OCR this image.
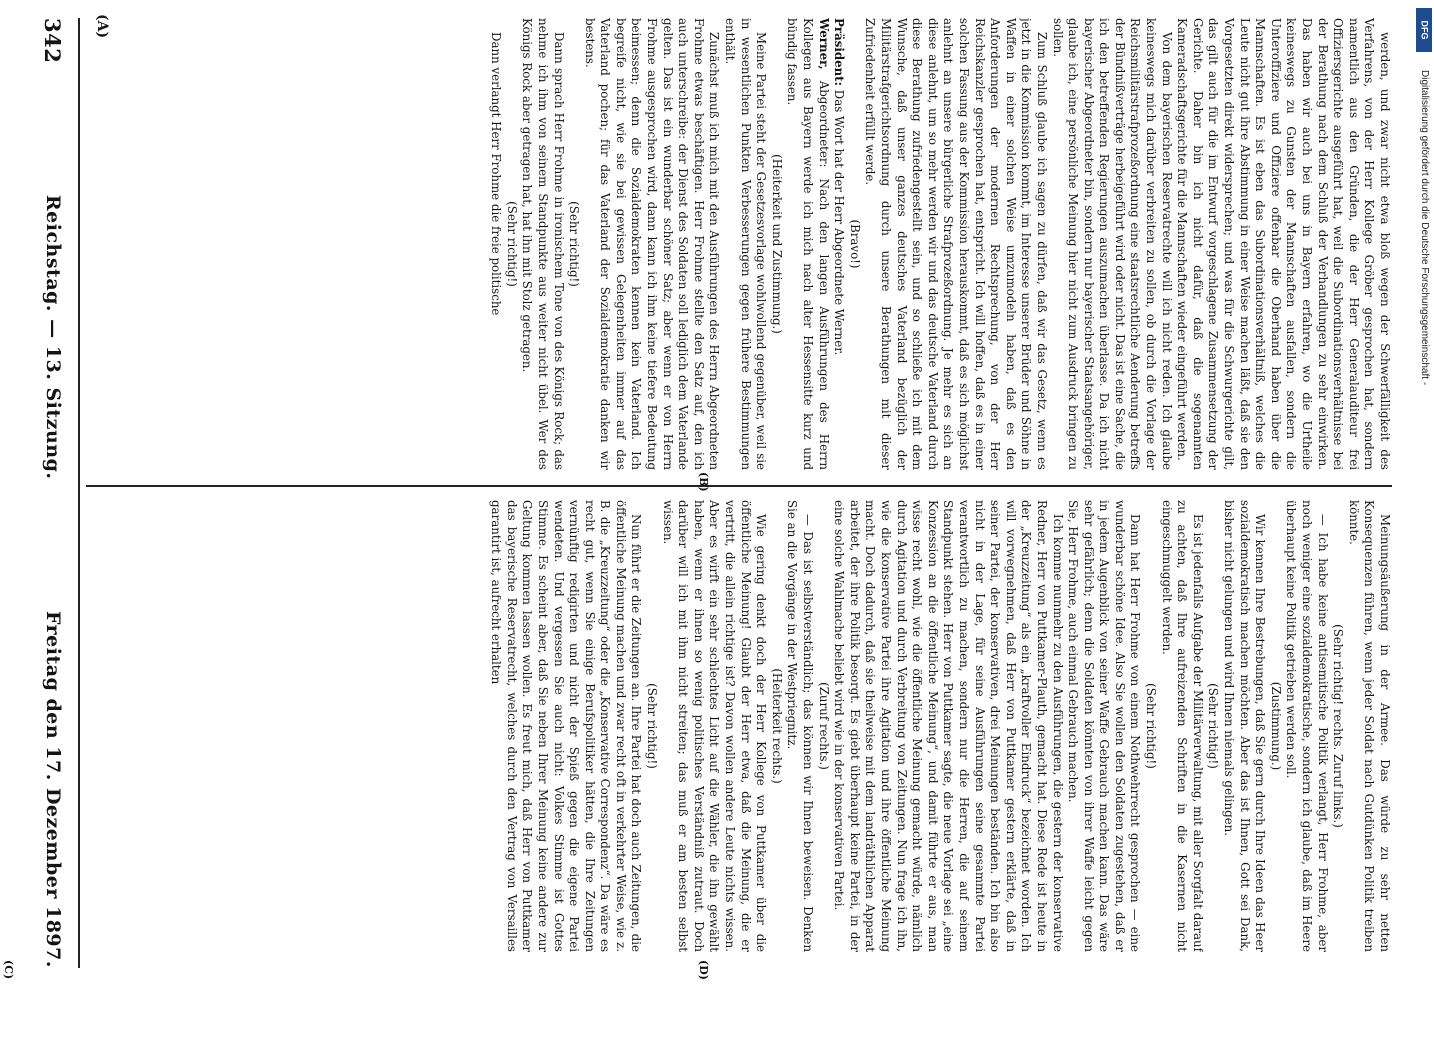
werden, und zwar nicht etwa bloß wegen der Schwerfälligkeit des Verfahrens, von der Herr Kollege Gröber gesprochen hat, sondern namentlich aus den Gründen, die der Herr Generalauditeur frei Offiziersgerichte ausgeführt hat, weil die Subordinationsverhältnisse bei der Berathung nach dem Schluß der Verhandlungen zu sehr einwirken. Das haben wir auch bei uns in Bayern erfahren, wo die Urtheile keineswegs zu Gunsten der Mannschaften ausfallen, sondern die Unteroffiziere und Offiziere offenbar die Oberhand haben über die Mannschaften. Es ist eben das Subordinationsverhältniß, welches die Leute nicht gut ihre Abstimmung in einer Weise machen läßt, daß sie den Vorgesetzten direkt widersprechen; und was für die Schwurgerichte gilt, das gilt auch für die im Entwurf vorgeschlagene Zusammensetzung der Gerichte. Daher bin ich nicht dafür, daß die sogenannten Kameradschaftsgerichte für die Mannschaften wieder eingeführt werden.

Von dem bayerischen Reservatrechte will ich nicht reden. Ich glaube keineswegs mich darüber verbreiten zu sollen, ob durch die Vorlage der Reichsmilitärstrafprozeßordnung eine staatsrechtliche Aenderung betreffs der Bündnißverträge herbeigeführt wird oder nicht. Das ist eine Sache, die ich den betreffenden Regierungen auszumachen überlasse. Da ich nicht bayerischer Abgeordneter bin, sondern nur bayerischer Staatsangehöriger, glaube ich, eine persönliche Meinung hier nicht zum Ausdruck bringen zu sollen.

Zum Schluß glaube ich sagen zu dürfen, daß wir das Gesetz, wenn es jetzt in die Kommission kommt, im Interesse unserer Brüder und Söhne in Waffen in einer solchen Weise umzumodeln haben, daß es den Anforderungen der modernen Rechtsprechung, von der Herr Reichskanzler gesprochen hat, entspricht. Ich will hoffen, daß es in einer solchen Fassung aus der Kommission herauskommt, daß es sich möglichst anlehnt an unsere bürgerliche Strafprozeßordnung. Je mehr es sich an diese anlehnt, um so mehr werden wir und das deutsche Vaterland durch diese Berathung zufriedengestellt sein, und so schließe ich mit dem Wunsche, daß unser ganzes deutsches Vaterland bezüglich der Militärstrafgerichtsordnung durch unsere Berathungen mit dieser Zufriedenheit erfüllt werde.

(Bravo!)

Präsident: Das Wort hat der Herr Abgeordnete Werner.

Werner, Abgeordneter: Nach den langen Ausführungen des Herrn Kollegen aus Bayern werde ich mich nach alter Hessensitte kurz und bündig fassen.

(Heiterkeit und Zustimmung.)

Meine Partei steht der Gesetzesvorlage wohlwollend gegenüber, weil sie in wesentlichen Punkten Verbesserungen gegen frühere Bestimmungen enthält.

Zunächst muß ich mich mit den Ausführungen des Herrn Abgeordneten Frohme etwas beschäftigen. Herr Frohme stellte den Satz auf, den ich auch unterschreibe: der Dienst des Soldaten soll lediglich dem Vaterlande gelten. Das ist ein wunderbar schöner Satz; aber wenn er von Herrn Frohme ausgesprochen wird, dann kann ich ihm keine tiefere Bedeutung beimessen; denn die Sozialdemokraten kennen kein Vaterland. Ich begreife nicht, wie sie bei gewissen Gelegenheiten immer auf das Vaterland pochen; für das Vaterland der Sozialdemokratie danken wir bestens.

(Sehr richtig!)

Dann sprach Herr Frohme in ironischem Tone von des Königs Rock; das nehme ich ihm von seinem Standpunkte aus weiter nicht übel. Wer des Königs Rock aber getragen hat, hat ihn mit Stolz getragen.

(Sehr richtig!)

Dann verlangt Herr Frohme die freie politische

Meinungsäußerung in der Armee. Das würde zu sehr netten Konsequenzen führen, wenn jeder Soldat nach Gutdünken Politik treiben könnte.

(Sehr richtig! rechts. Zuruf links.)

— Ich habe keine antisemitische Politik verlangt, Herr Frohme, aber noch weniger eine sozialdemokratische, sondern ich glaube, daß im Heere überhaupt keine Politik getrieben werden soll.

(Zustimmung.)

Wir kennen Ihre Bestrebungen, daß Sie gern durch Ihre Ideen das Heer sozialdemokratisch machen möchten. Aber das ist Ihnen, Gott sei Dank, bisher nicht gelungen und wird Ihnen niemals gelingen.

(Sehr richtig!)

Es ist jedenfalls Aufgabe der Militärverwaltung, mit aller Sorgfalt darauf zu achten, daß Ihre aufreizenden Schriften in die Kasernen nicht eingeschmuggelt werden.

(Sehr richtig!)

Dann hat Herr Frohme von einem Nothwehrrecht gesprochen — eine wunderbar schöne Idee. Also Sie wollen den Soldaten zugestehen, daß er in jedem Augenblick von seiner Waffe Gebrauch machen kann. Das wäre sehr gefährlich; denn die Soldaten könnten von ihrer Waffe leicht gegen Sie, Herr Frohme, auch einmal Gebrauch machen.

Ich komme nunmehr zu den Ausführungen, die gestern der konservative Redner, Herr von Puttkamer-Plauth, gemacht hat. Diese Rede ist heute in der „Kreuzzeitung“ als ein „kraftvoller Eindruck“ bezeichnet worden. Ich will vorwegnehmen, daß Herr von Puttkamer gestern erklärte, daß in seiner Partei, der konservativen, drei Meinungen beständen. Ich bin also nicht in der Lage, für seine Ausführungen seine gesammte Partei verantwortlich zu machen, sondern nur die Herren, die auf seinem Standpunkt stehen. Herr von Puttkamer sagte, die neue Vorlage sei „eine Konzession an die öffentliche Meinung“, und damit führte er aus, man wisse recht wohl, wie die öffentliche Meinung gemacht würde, nämlich durch Agitation und durch Verbreitung von Zeitungen. Nun frage ich ihn, wie die konservative Partei ihre Agitation und ihre öffentliche Meinung macht. Doch dadurch, daß sie theilweise mit dem landräthlichen Apparat arbeitet, der ihre Politik besorgt. Es giebt überhaupt keine Partei, in der eine solche Wahlmache beliebt wird wie in der konservativen Partei.

(Zuruf rechts.)

— Das ist selbstverständlich; das können wir Ihnen beweisen. Denken Sie an die Vorgänge in der Westpriegnitz.

(Heiterkeit rechts.)

Wie gering denkt doch der Herr Kollege von Puttkamer über die öffentliche Meinung! Glaubt der Herr etwa, daß die Meinung, die er vertritt, die allein richtige ist? Davon wollen andere Leute nichts wissen. Aber es wirft ein sehr schlechtes Licht auf die Wähler, die ihn gewählt haben, wenn er ihnen so wenig politisches Verständniß zutraut. Doch darüber will ich mit ihm nicht streiten; das muß er am besten selbst wissen.

(Sehr richtig!)

Nun führt er die Zeitungen an. Ihre Partei hat doch auch Zeitungen, die öffentliche Meinung machen und zwar recht oft in verkehrter Weise, wie z. B. die „Kreuzzeitung“ oder die „Konservative Correspondenz“. Da wäre es recht gut, wenn Sie einige Berufspolitiker hätten, die Ihre Zeitungen vernünftig redigirten und nicht der Spieß gegen die eigene Partei wendeten. Und vergessen Sie auch nicht: Volkes Stimme ist Gottes Stimme. Es scheint aber, daß Sie neben Ihrer Meinung keine andere zur Geltung kommen lassen wollen. Es freut mich, daß Herr von Puttkamer das bayerische Reservatrecht, welches durch den Vertrag von Versailles garantirt ist, aufrecht erhalten

342
Reichstag. — 13. Sitzung.
Freitag den 17. Dezember 1897.
(A)
(B)
(C)	(D)
DFG
Digitalisierung gefördert durch die Deutsche Forschungsgemeinschaft -
